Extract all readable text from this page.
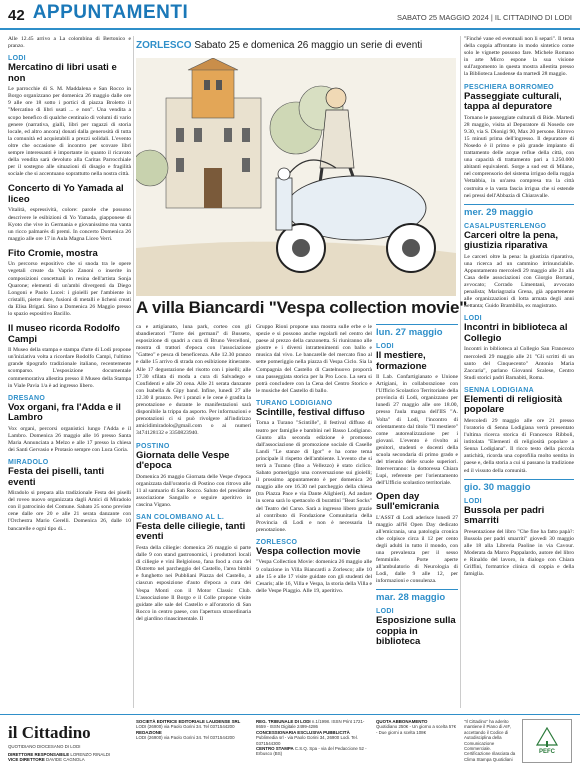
42 APPUNTAMENTI	SABATO 25 MAGGIO 2024 | IL CITTADINO DI LODI

Alle 12.45 arrivo a La colombina di Bertonico e pranzo.

LODI
Mercatino di libri usati e non

Le parrocchie di S. M. Maddalena e San Rocco in Borgo organizzano per domenica 26 maggio dalle ore 9 alle ore 18 sotto i portici di piazza Broletto il "Mercatino di libri usati ... e non". Una vendita a scopo benefico di qualche centinaio di volumi di vario genere (narrativa, gialli, libri per ragazzi di storia locale, ed altro ancora) donati dalla generosità di tutta la comunità ed acquistabili a prezzi solidali. L'evento oltre che occasione di incontro per scovare libri sempre interessanti è importante in quanto il ricavato della vendita sarà devoluto alla Caritas Parrocchiale per il sostegno alle situazioni di disagio e fragilità sociale che si accentuano soprattutto nella nostra città.

Concerto di Yo Yamada al liceo

Vitalità, espressività, colore: parole che possono descrivere le esibizioni di Yo Yamada, giapponese di Kyoto che vive in Germania e giovanissimo ma vanta un ricco palmarès di premi. In concerto Domenica 26 maggio alle ore 17 in Aula Magna Liceo Verri.

Fito Cromie, mostra

Un percorso espositivo che si snoda tra le opere vegetali create da Vaprio Zanoni o inserite in composizioni concettuali in resina dell'artista Sonja Quarone; elementi di un'ambi divergenti da Diego Longoni e Paolo Lucei: i gioielli per l'ambiente in cristalli, pietre dure, fusioni di metalli e licheni creati da Elisa Brigati. Sino a Domenica 26 Maggio presso lo spazio espositivo Bacillo.

Il museo ricorda Rodolfo Campi

Il Museo della stampa e stampa d'arte di Lodi propone un'iniziativa volta a ricordare Rodolfo Campi, l'ultimo grande tipografo tradizionale italiano, recentemente scomparso. L'esposizione documentale commemorativa allestita presso il Museo della Stampa in Viale Pavia 1/a è ad ingresso libero.

DRESANO
Vox organi, fra l'Adda e il Lambro

Vox organi, percorsi organistici lungo l'Adda e il Lambro. Domenica 26 maggio alle 16 presso Santa Maria Annunciata a Melzo e alle 17 presso la chiesa dei Santi Gervasio e Protasio sempre con Luca Goria.

MIRADOLO
Festa dei piselli, tanti eventi

Miradolo si prepara alla tradizionale Festa dei piselli del roveo nuovo organizzata dagli Amici di Miradolo con il patrocinio del Comune. Sabato 25 sono previste cene dalle ore 20 e alle 21 serata danzante con l'Orchestra Mario Gerelli. Domenica 26, dalle 10 bancarelle e ogni tipo di...

ZORLESCO Sabato 25 e domenica 26 maggio un serie di eventi
A villa Biancardi "Vespa collection movie"

ca e artigianato, luna park, corteo con gli sbandieratori "Torre dei germani" di Busseto, esposizione di quadri a cura di Bruno Vercelloni, mostra di trattori d'epoca con l'associazione "Gatteo" e pesca di beneficenza. Alle 12.30 pranzo e dalle 15 arrivo di strada con esibizione itinerante. Alle 17 degustazione del risotto con i piselli; alle 17.30 sfilata di moda a cura di Salvadego e Confidenti e alle 20 cena. Alle 21 serata danzante con Isabella & Gipy band. Infine, lunedì 27 alle 12.30 il pranzo. Per i pranzi e le cene è gradita la prenotazione e durante le manifestazioni sarà disponibile la trippa da asporto. Per informazioni e prenotazioni ci si può rivolgere all'indirizzo amicidimiradolo@gmail.com o ai numeri 3474128132 e 3350823940.

POSTINO
Giornata delle Vespe d'epoca

Domenica 26 maggio Giornata delle Vespe d'epoca organizzata dall'oratorio di Postino con ritrovo alle 11 al santuario di San Rocco. Saluto del presidente associazione Sangallo e seguire aperitivo in cascina Vigano.

SAN COLOMBANO AL L.
Festa delle ciliegie, tanti eventi

Festa della ciliegie: domenica 26 maggio si parte dalle 9 con stand gastronomici, i produttori locali di ciliegie e vini Belgioioso, fana food a cura del Distretto nel parcheggio del Castello, l'area bimbi e funghetto nei Pubbliani Piazza del Castello, a ciascun esposizione d'auto d'epoca a cura dei Vespa Monti con il Motor Classic Club. L'associazione Il Borgo e il Colle propone visite guidate alle sale del Castello e all'oratorio di San Rocco in centro paese, con l'apertura straordinaria del giardino rinascimentale. Il

Gruppo Rioni propone una mostra sulle erbe e le spezie e si possono anche regolarli nel centro del paese al prezzo della canzonetta. Si riuniranno alle giostre e i diversi intrattenimenti con ballo e musica dal vivo. Le bancarelle del mercato fino al sette pomeriggio nella piazza di Vespa Ciclo. Sia la Compagnia del Castello di Castelnuovo proporrà una passeggiata storica per la Pro Loco. La sera si potrà concludere con la Cena del Centro Storico e le musiche del Castello di ballo.

TURANO LODIGIANO
Scintille, festival diffuso

Torna a Turano "Scintille", il festival diffuso di teatro per famiglie e bambini nel Basso Lodigiano. Giunto alla seconda edizione è promosso dall'associazione di promozione sociale di Caselle Landi "Le stanze di Igor" e ha come tema principale il rispetto dell'ambiente. L'evento che si terrà a Turano (fino a Vellezzo) è stato ciclico. Sabato pomeriggio una conversazione sui gioielli; il prossimo appuntamento è per domenica 26 maggio alle ore 16.30 nel parcheggio della chiesa (tra Piazza Pace e via Dante Alighieri). Ad andare in scena sarà lo spettacolo di burattini "Beat Socks" del Teatro del Carso. Sarà a ingresso libero grazie al contributo di Fondazione Comunitaria della Provincia di Lodi e non è necessaria la prenotazione.

ZORLESCO
Vespa collection movie

"Vespa Collection Movie: domenica 26 maggio alle 9 colazione in Villa Biancardi a Zorlesco; alle 10 alle 15 e alle 17 visite guidate con gli studenti del Cesaris; alle 16, Villa e Vespa, la storia della Villa e delle Vespe Piaggio. Alle 19, aperitivo.

lun. 27 maggio
LODI
Il mestiere, formazione

Il Lab. Confartigianato e Unione Artigiani, in collaborazione con l'Ufficio Scolastico Territoriale della provincia di Lodi, organizzano per lunedì 27 maggio alle ore 18.00, presso l'aula magna dell'IIS "A. Volta" di Lodi, l'incontro di orientamento dal titolo "Il mestiere" come autorealizzazione per i giovani. L'evento è rivolto ai genitori, studenti e docenti della scuola secondaria di primo grado e del triennio delle scuole superiori. Interverranno: la dottoressa Chiara Lupi, referente per l'orientamento dell'Ufficio scolastico territoriale.

Open day sull'emicrania

L'ASST di Lodi aderisce lunedì 27 maggio all'H Open Day dedicato all'emicrania, una patologia cronica che colpisce circa il 12 per cento degli adulti in tutto il mondo, con una prevalenza per il sesso femminile. Porte aperte all'ambulatorio di Neurologia di Lodi, dalle 9 alle 12, per informazioni e consulenza.

mar. 28 maggio
LODI
Esposizione sulla coppia in biblioteca

"Finché vane ed eventuali non li separi". Il tema della coppia affrontato in modo sintetico come solo le vignette possono fare. Michele Romano in arte Micro espone la sua visione sull'argomento in questa mostra allestita presso la Biblioteca Laudense da martedì 28 maggio.

PESCHIERA BORROMEO
Passeggiate culturali, tappa al depuratore

Tornano le passeggiate culturali di Bide. Martedì 28 maggio, visita al Depuratore di Nosedo ore 9.30, via S. Dionigi 90, Max 20 persone. Ritrovo 15 minuti prima dell'ingresso. Il depuratore di Nosedo è il primo e più grande impianto di trattamento delle acque reflue della città, con una capacità di trattamento pari a 1.250.000 abitanti equivalenti. Sorge a sud est di Milano, nel comprensorio del sistema irriguo della roggia Vettabbia, in un'area compresa tra la città costruita e la vasta fascia irrigua che si estende nei pressi dell'Abbazia di Chiaravalle.

mer. 29 maggio
CASALPUSTERLENGO
Carceri oltre la pena, giustizia riparativa

Le carceri oltre la pena: la giustizia riparativa, una ricerca ad un cammino irrinunciabile. Appuntamento mercoledì 29 maggio alle 21 alla Casa delle associazioni con Giorgio Bortani, avvocato; Corrado Limentani, avvocato penalista; Mariagrazia Grena, già appartenente alle organizzazioni di lotta armata degli anni Settanta; Guido Brambilla, ex magistrato.

LODI
Incontri in biblioteca al Collegio

Incontri in biblioteca al Collegio San Francesco mercoledì 29 maggio alle 21 "Gli scritti di un santo del Cinquecento" Antonio Maria Zaccaria", parlano Giovanni Scalese, Centro Studi storici padri Barnabiti, Roma.

SENNA LODIGIANA
Elementi di religiosità popolare

Mercoledì 29 maggio alle ore 21 presso l'oratorio di Senna Lodigiana verrà presentato l'ultima ricerca storica di Francesco Ribboli, intitolata "Elementi di religiosità popolare a Senna Lodigiana". Il ricco testo della piccola antichità, ricorda una coprofilia molto sentita in paese e, della storia a cui si passano la tradizione ed il vissuto della comunità.

gio. 30 maggio
LODI
Bussola per padri smarriti

Presentazione del libro "Che fine ha fatto papà?: Bussola per padri smarriti" giovedì 30 maggio alle 18 alla Libreria Paoline in via Cavour. Moderata da Marco Pappalardo, autore del libro e Rinaldo del lavoro, in dialogo con Chiara Griffini, formatrice clinica di coppia e della famiglia.

il Cittadino
QUOTIDIANO DIOCESANO DI LODI
DIRETTORE RESPONSABILE LORENZO RINALDI
VICE DIRETTORE DAVIDE CAGNOLA
SOCIETÀ EDITRICE EDITORIALE LAUDENSE SRL
LODI (26900) via Paolo Gorini 34. Tel 0371544200
REDAZIONE
LODI (26900) via Paolo Gorini 34. Tel 0371544200
REG. TRIBUNALE DI LODI n.1/1998. ISSN Print 1721-8659 - ISSN Digitale 2499-4286
CONCESSIONARIA ESCLUSIVA PUBBLICITÀ
Publimedia srl - via Paolo Gorini 34, 26900 Lodi. Tel. 0371544300
CENTRO STAMPA C.S.Q. Spa - via del Pedaccione 52 - Erbusco (BS)
QUOTA ABBONAMENTO
Quotidiano 250€ - Un giorno a scelta 57€ - Due giorni a scelta 108€
"Il Cittadino" ha aderito mantiene il Piano di AIF, accettando il Codice di Autodisciplina della Comunicazione Commerciale.
Certificazione rilasciata da Clima Stampa Quotidiani
PEFC
